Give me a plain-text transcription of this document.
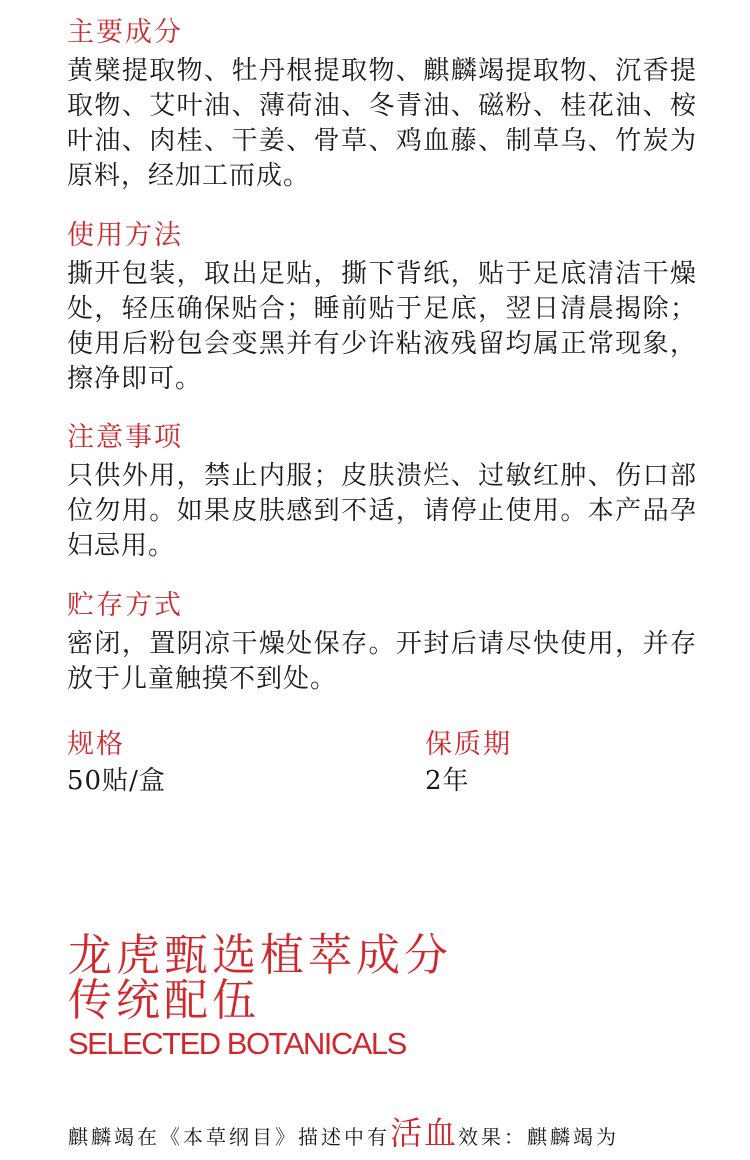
主要成分

黄檗提取物、牡丹根提取物、麒麟竭提取物、沉香提取物、艾叶油、薄荷油、冬青油、磁粉、桂花油、桉叶油、肉桂、干姜、骨草、鸡血藤、制草乌、竹炭为原料，经加工而成。

使用方法

撕开包装，取出足贴，撕下背纸，贴于足底清洁干燥处，轻压确保贴合；睡前贴于足底，翌日清晨揭除；使用后粉包会变黑并有少许粘液残留均属正常现象，擦净即可。

注意事项

只供外用，禁止内服；皮肤溃烂、过敏红肿、伤口部位勿用。如果皮肤感到不适，请停止使用。本产品孕妇忌用。

贮存方式

密闭，置阴凉干燥处保存。开封后请尽快使用，并存放于儿童触摸不到处。

规格

50贴/盒

保质期

2年

龙虎甄选植萃成分
传统配伍

SELECTED BOTANICALS

麒麟竭在《本草纲目》描述中有活血效果：麒麟竭为
